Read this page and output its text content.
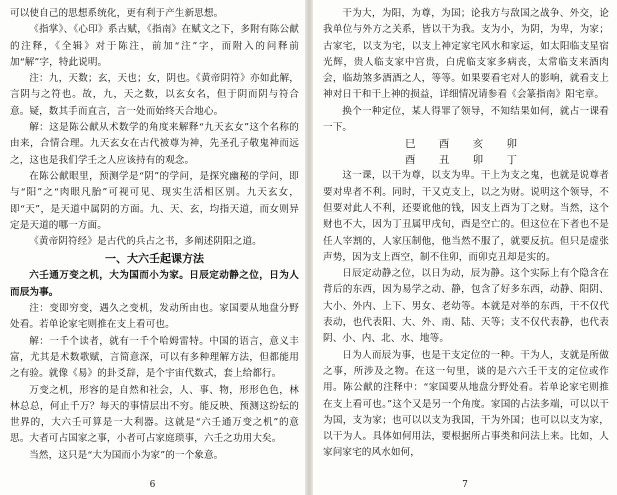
可以使自己的思想系统化，更有利于产生新思想。

《指掌》、《心印》系古赋，《指南》在赋文之下，多附有陈公献的注释，《全辑》对于陈注，前加“注”字，而附入的问释前加“解”字，特此说明。

注：九，天数；玄，天也；女，阴也。《黄帝阴符》亦如此解，言阴与之符也。故，九，天之数，以玄女名，但于阴而阴与符合意。疑，数其手而直言，言一处而始终天合地心。

解：这是陈公献从术数学的角度来解释“九天玄女”这个名称的由来，合情合理。九天玄女在古代被尊为神，先圣孔子敬鬼神而远之，这也是我们学壬之人应该持有的观念。

在陈公献眼里，预测学是“阴”的学问，是探究幽秘的学问，即与“阳”之“肉眼凡胎”可视可见、现实生活相区别。九天玄女，即“天”，是天道中属阴的方面。九、天、玄，均指天道，而女则异定是天道的哪一方面。

《黄帝阴符经》是古代的兵占之书，多阐述阴阳之道。

一、大六壬起课方法

六壬通万变之机，大为国而小为家。日辰定动静之位，日为人而辰为事。

注：变即穷变，遇久之变机，发动所由也。家国要从地盘分野处看。若单论家宅则推在支上看可也。

解：一千个读者，就有一千个哈姆雷特。中国的语言，意义丰富，尤其是术数歌赋，言简意深，可以有多种理解方法，但都能用之有验。就像《易》的卦爻辞，是个宇宙代数式，套上给都行。

万变之机，形容的是自然和社会，人、事、物，形形色色，林林总总，何止千万？每天的事情层出不穷。能反映、预测这纷纭的世界的，大六壬可算是一大利器。这就是“六壬通万变之机”的意思。大者可占国家之事，小者可占家庭琐事，六壬之功用大矣。

当然，这只是“大为国而小为家”的一个象意。

6

干为大，为阳，为尊，为国；论我方与敌国之战争、外交，论我单位与外方之关系，皆以干为我。支为小，为阴，为卑，为家；古家宅，以支为宅，以支上神定家宅风水和家运，如太阳临支星宿光辉，贵人临支家中宫贵，白虎临支家多病丧，太常临支来酒肉会，临劫煞多酒酒之人，等等。如果要看宅对人的影响，就看支上神对日干和干上神的损益，详细情况请参看《会篆指南》阳宅章。

换个一种定位，某人得罪了领导，不知结果如何，就占一课看一下。

巳 酉 亥 卯
酉 丑 卯 丁

这一课，以干为尊，以支为卑。干上为支之鬼，也就是说尊者要对卑者不利。同时，干又克支上，以之为财。说明这个领导，不但要对此人不利，还要讹他的钱，因支上酉为丁之财。当然，这个财也不大，因为丁丑属甲戌旬，酉是空亡的。但这位在下者也不是任人宰割的，人家压制他，他当然不服了，就要反抗。但只是虚张声势，因为支上酉空，制不住卯，而卯克丑却是实的。

日辰定动静之位，以日为动，辰为静。这个实际上有个隐含在背后的东西，因为易学之动、静，包含了好多东西，动静、阳阴、大小、外内、上下、男女、老幼等。本就是对举的东西，干不仅代表动，也代表阳、大、外、南、陆、天等；支不仅代表静，也代表阴、小、内、北、水、地等。

日为人而辰为事，也是干支定位的一种。干为人，支就是所做之事，所涉及之物。在这一句里，谈的是六六壬干支的定位或作用。陈公献的注释中：“家国要从地盘分野处看。若单论家宅则推在支上看可也。”这个又是另一个角度。家国的占法多端，可以以干为国，支为家；也可以以支为我国，干为外国；也可以以支为家，以干为人。具体如何用法，要根据所占事类和问法上来。比如，人家问家宅的风水如何，

7
